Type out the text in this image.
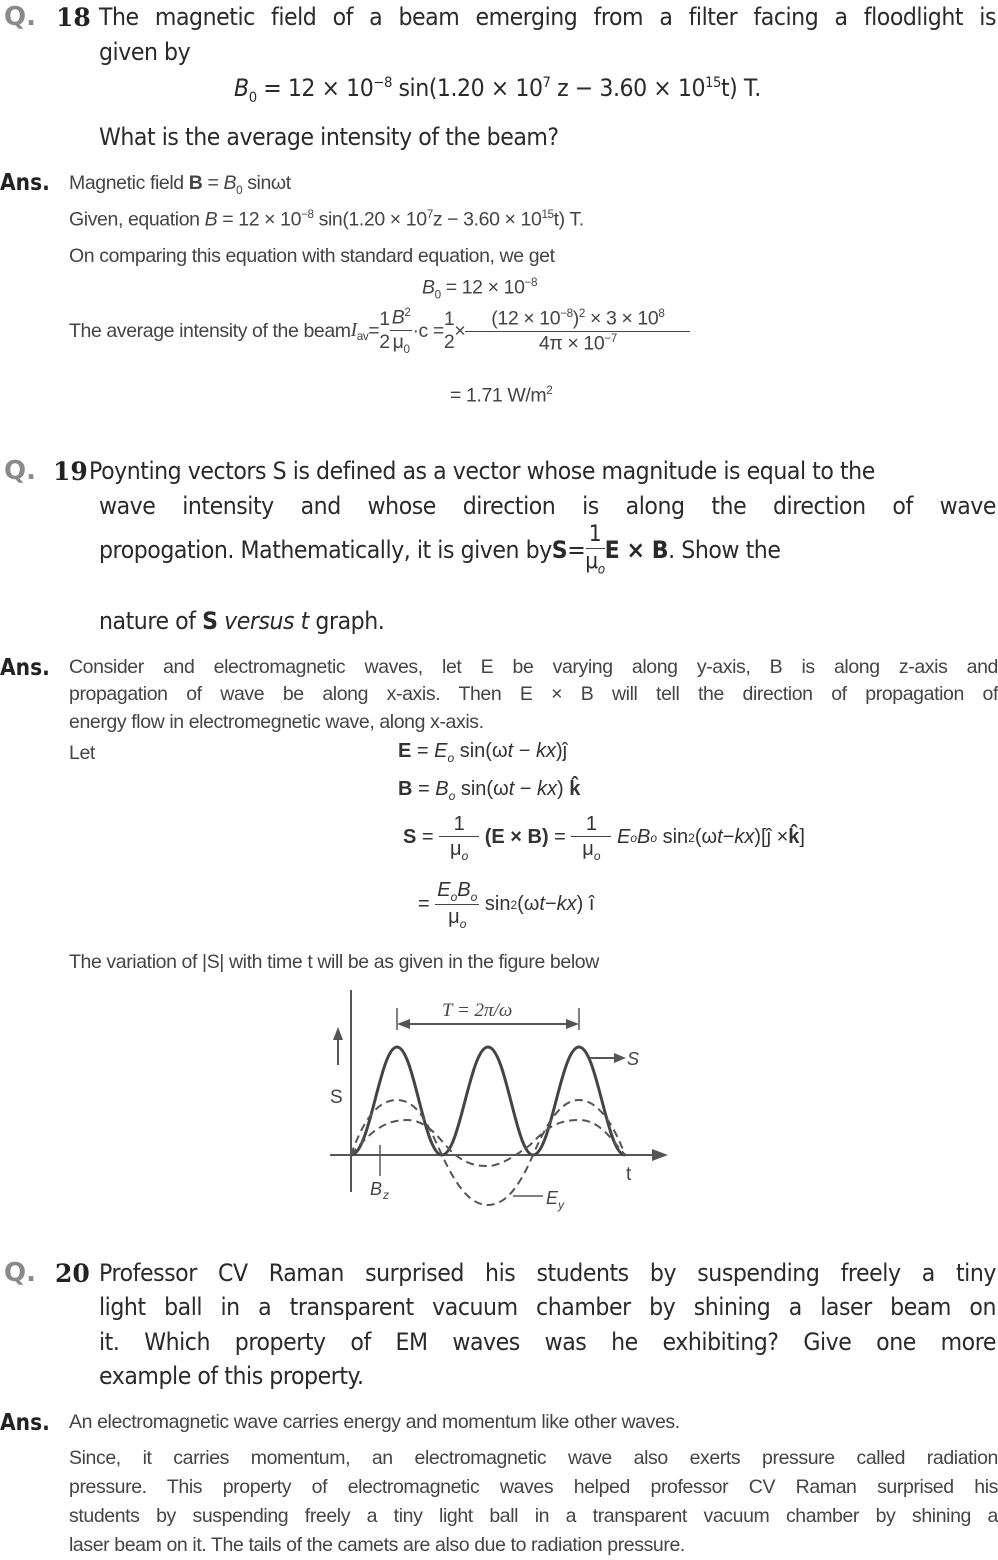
Q. 18 The magnetic field of a beam emerging from a filter facing a floodlight is
given by
$B_0 = 12 \times 10^{-8}$ $\sin(1.20 \times 10^7$ $z - 3.60 \times 10^{15}t$) T.
What is the average intensity of the beam?
Ans. Magnetic field $B = B_0$ sinωt
Given, equation $B = 12 \times 10^{-8}$ $\sin(1.20 \times 10^7z - 3.60 \times 10^{15}t)$ T.
On comparing this equation with standard equation, we get
$B_0 = 12 \times 10^{-8}$
The average intensity of the beam $I_{av}$ =
1
$2 \frac{B^2}{\mu_0} \cdot c$ =
1
2
× $\frac{(12 \times 10^{-8})^2 \times 3 \times 10^8}{4\pi \times 10^{-7}}$
= 1.71 $W/m^2$
Q. 19 Poynting vectors S is defined as a vector whose magnitude is equal to the
wave intensity and whose direction is along the direction of wave
propogation. Mathematically, it is given by $S = \frac{1}{\mu_o}$ E × B . Show the
nature of S versus t graph.
Ans. Consider and electromagnetic waves, let E be varying along y-axis, B is along z-axis and
propagation of wave be along x-axis. Then E × B will tell the direction of propagation of
energy flow in electromegnetic wave, along x-axis.
Let	$E = E_o$ sin(ωt − kx)ĵ
$B = B_o$ sin(ωt − kx) k̂
$S = \frac{1}{\mu_o}$
$(E \times B) = \frac{1}{\mu_o}$
E o B o sin 2 (ω t − kx )[ĵ × k̂ ]
= $\frac{E_oB_o}{\mu_o}$ sin 2 (ω t − kx ) î
The variation of |S| with time t will be as given in the figure below
S
t
T = 2π/ω
S
B z	E y
Q. 20 Professor CV Raman surprised his students by suspending freely a tiny
light ball in a transparent vacuum chamber by shining a laser beam on
it. Which property of EM waves was he exhibiting? Give one more
example of this property.
Ans. An electromagnetic wave carries energy and momentum like other waves.
Since, it carries momentum, an electromagnetic wave also exerts pressure called radiation
pressure. This property of electromagnetic waves helped professor CV Raman surprised his
students by suspending freely a tiny light ball in a transparent vacuum chamber by shining a
laser beam on it. The tails of the camets are also due to radiation pressure.
